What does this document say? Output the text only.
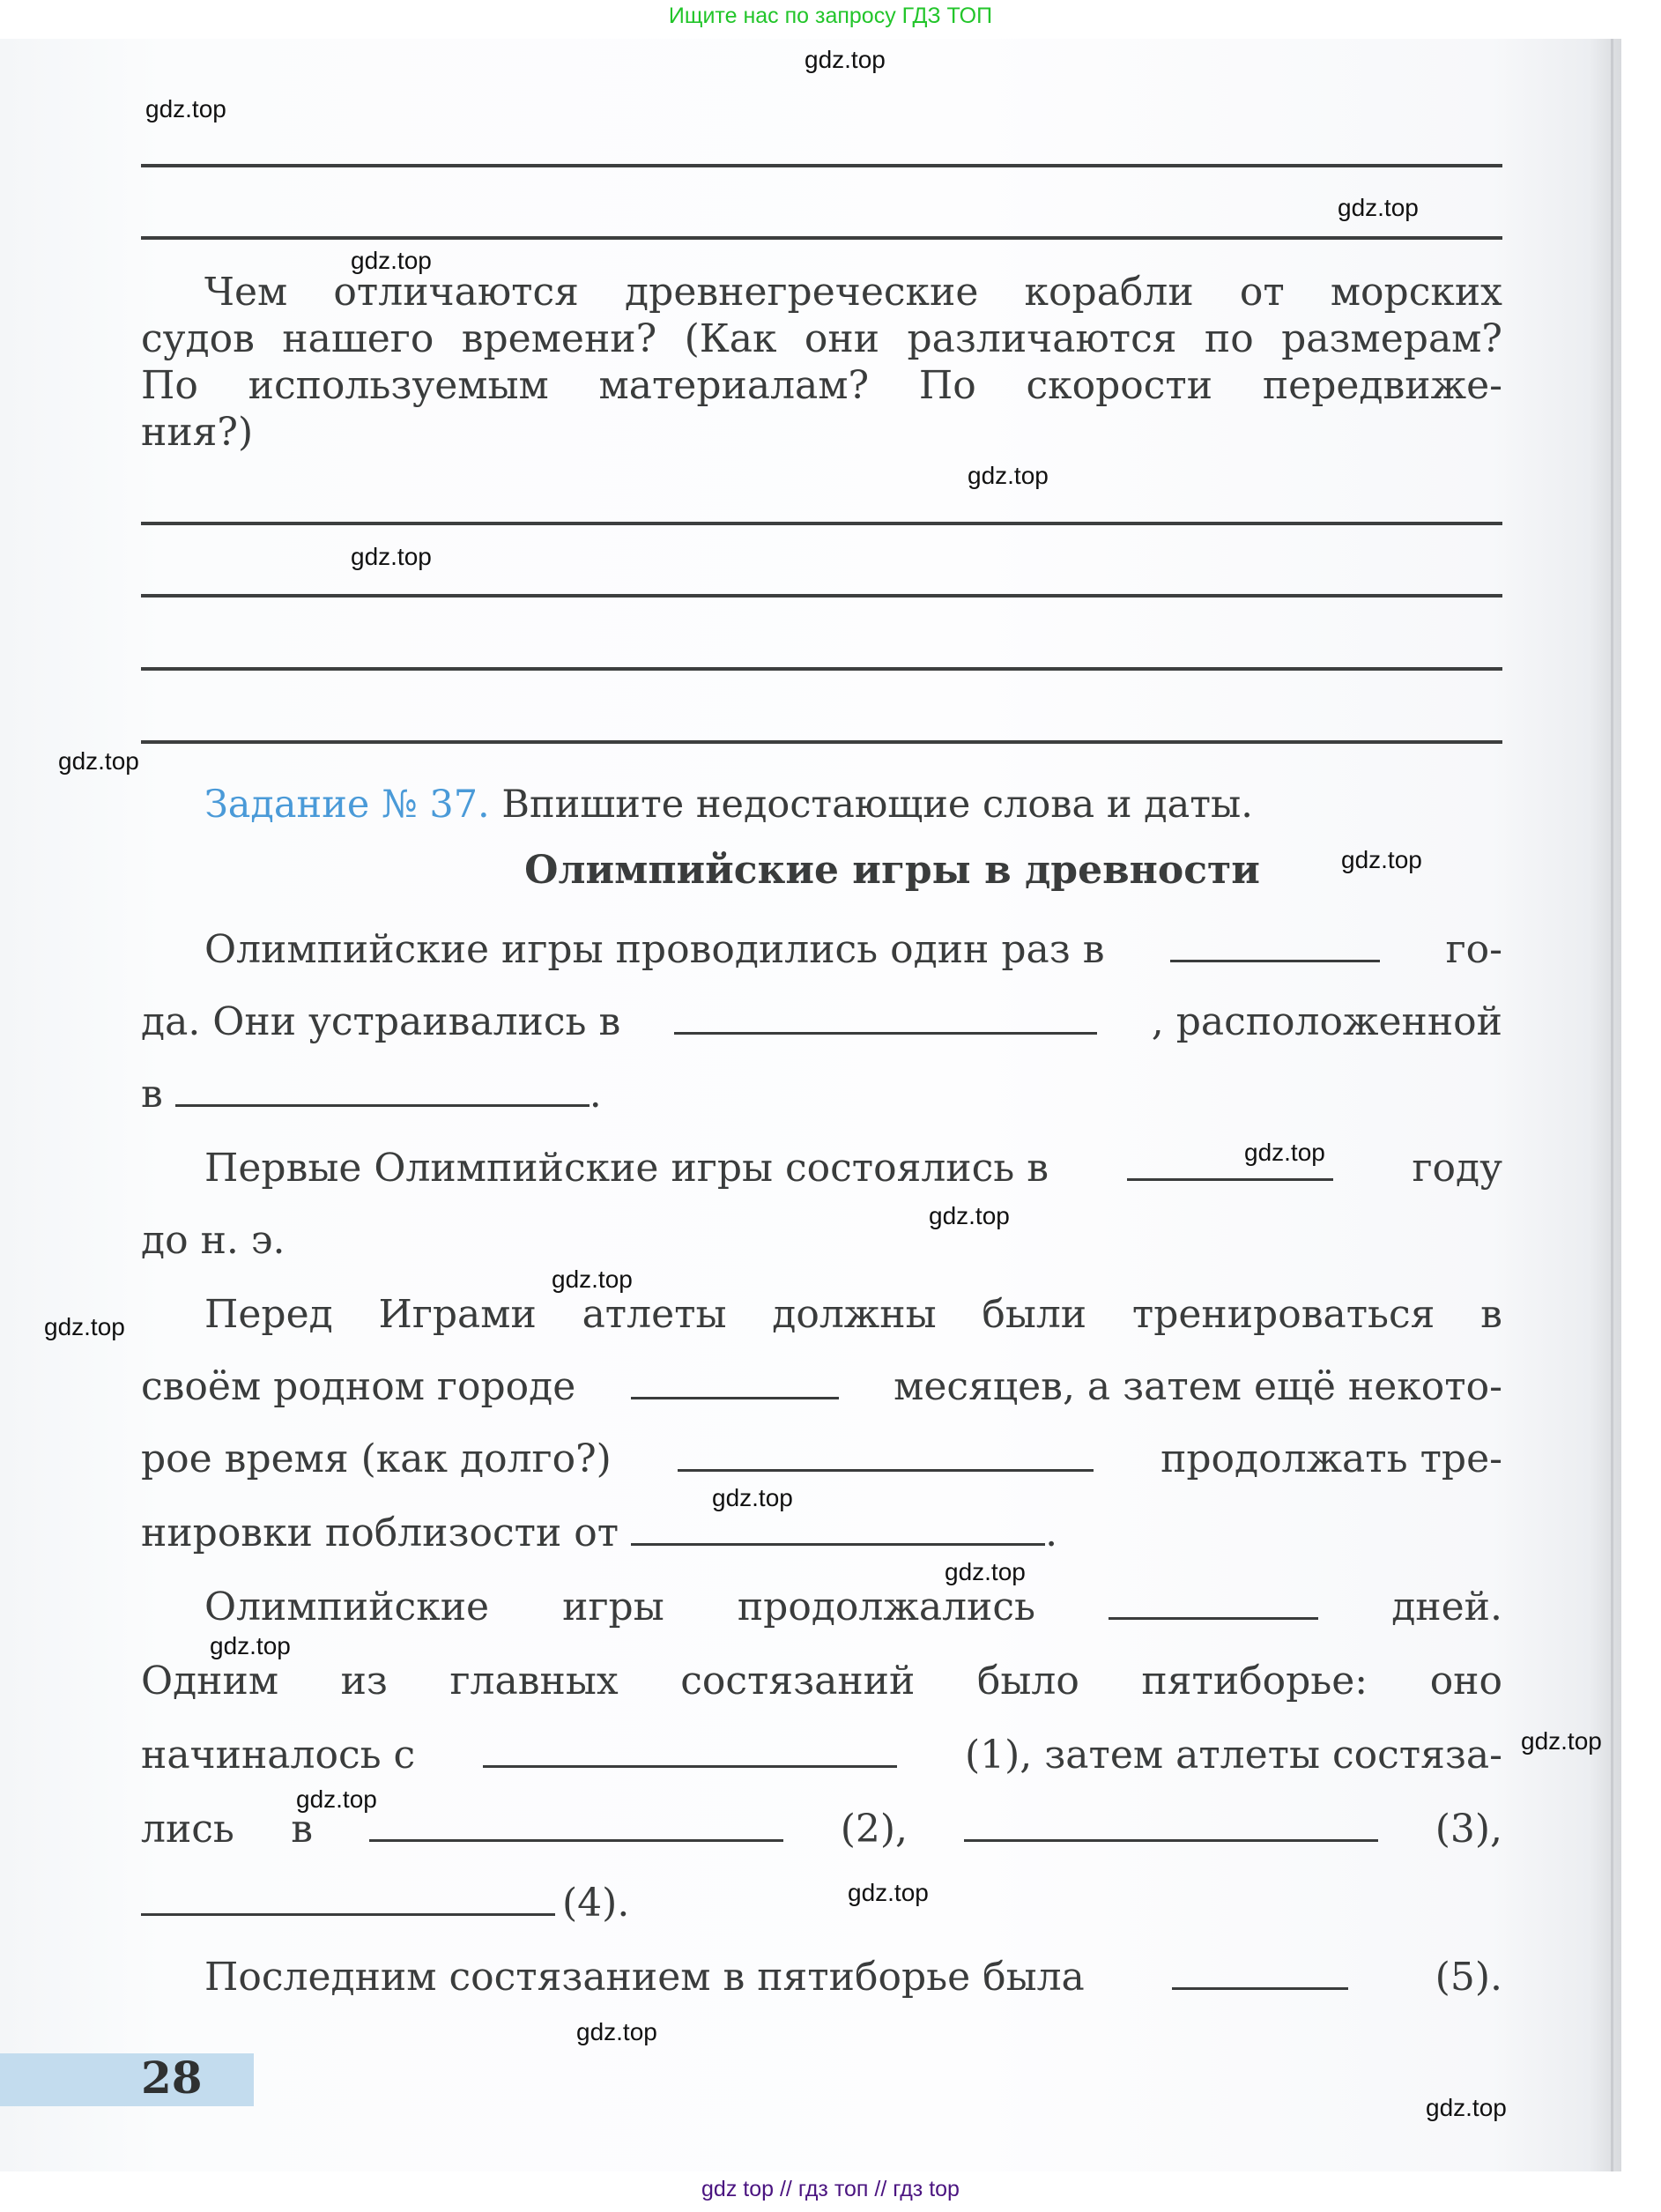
Ищите нас по запросу ГДЗ ТОП
Чем отличаются древнегреческие корабли от морских
судов нашего времени? (Как они различаются по размерам?
По используемым материалам? По скорости передвиже-
ния?)
Задание № 37. Впишите недостающие слова и даты.
Олимпийские игры в древности
Олимпийские игры проводились один раз в	го-
да. Они устраивались в	, расположенной
в	.
Первые Олимпийские игры состоялись в	году
до н. э.
Перед Играми атлеты должны были тренироваться в
своём родном городе	месяцев, а затем ещё некото-
рое время (как долго?)	продолжать тре-
нировки поблизости от	.
Олимпийские игры продолжались	дней.
Одним из главных состязаний было пятиборье: оно
начиналось с	(1), затем атлеты состяза-
лись в	(2),	(3),
(4).
Последним состязанием в пятиборье была	(5).
28
gdz.top
gdz.top
gdz.top
gdz.top
gdz.top
gdz.top
gdz.top
gdz.top
gdz.top
gdz.top
gdz.top
gdz.top
gdz.top
gdz.top
gdz.top
gdz.top
gdz.top
gdz.top
gdz.top
gdz.top
gdz top // гдз топ // гдз top
